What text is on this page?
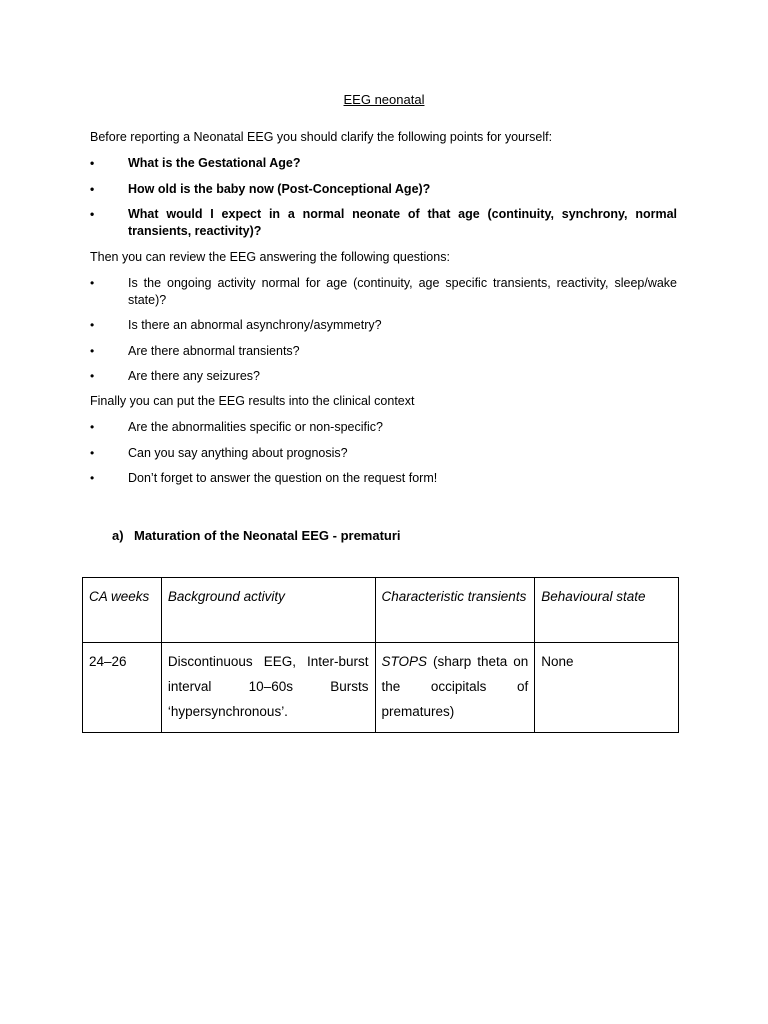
EEG neonatal
Before reporting a Neonatal EEG you should clarify the following points for yourself:
•	What is the Gestational Age?
•	How old is the baby now (Post-Conceptional Age)?
•	What would I expect in a normal neonate of that age (continuity, synchrony, normal transients, reactivity)?
Then you can review the EEG answering the following questions:
•	Is the ongoing activity normal for age (continuity, age specific transients, reactivity, sleep/wake state)?
•	Is there an abnormal asynchrony/asymmetry?
•	Are there abnormal transients?
•	Are there any seizures?
Finally you can put the EEG results into the clinical context
•	Are the abnormalities specific or non-specific?
•	Can you say anything about prognosis?
•	Don’t forget to answer the question on the request form!
a) Maturation of the Neonatal EEG - prematuri
CA weeks	Background activity	Characteristic transients	Behavioural state
24–26	Discontinuous EEG, Inter-burst interval 10–60s Bursts ‘hypersynchronous’.	STOPS (sharp theta on the occipitals of prematures)	None
